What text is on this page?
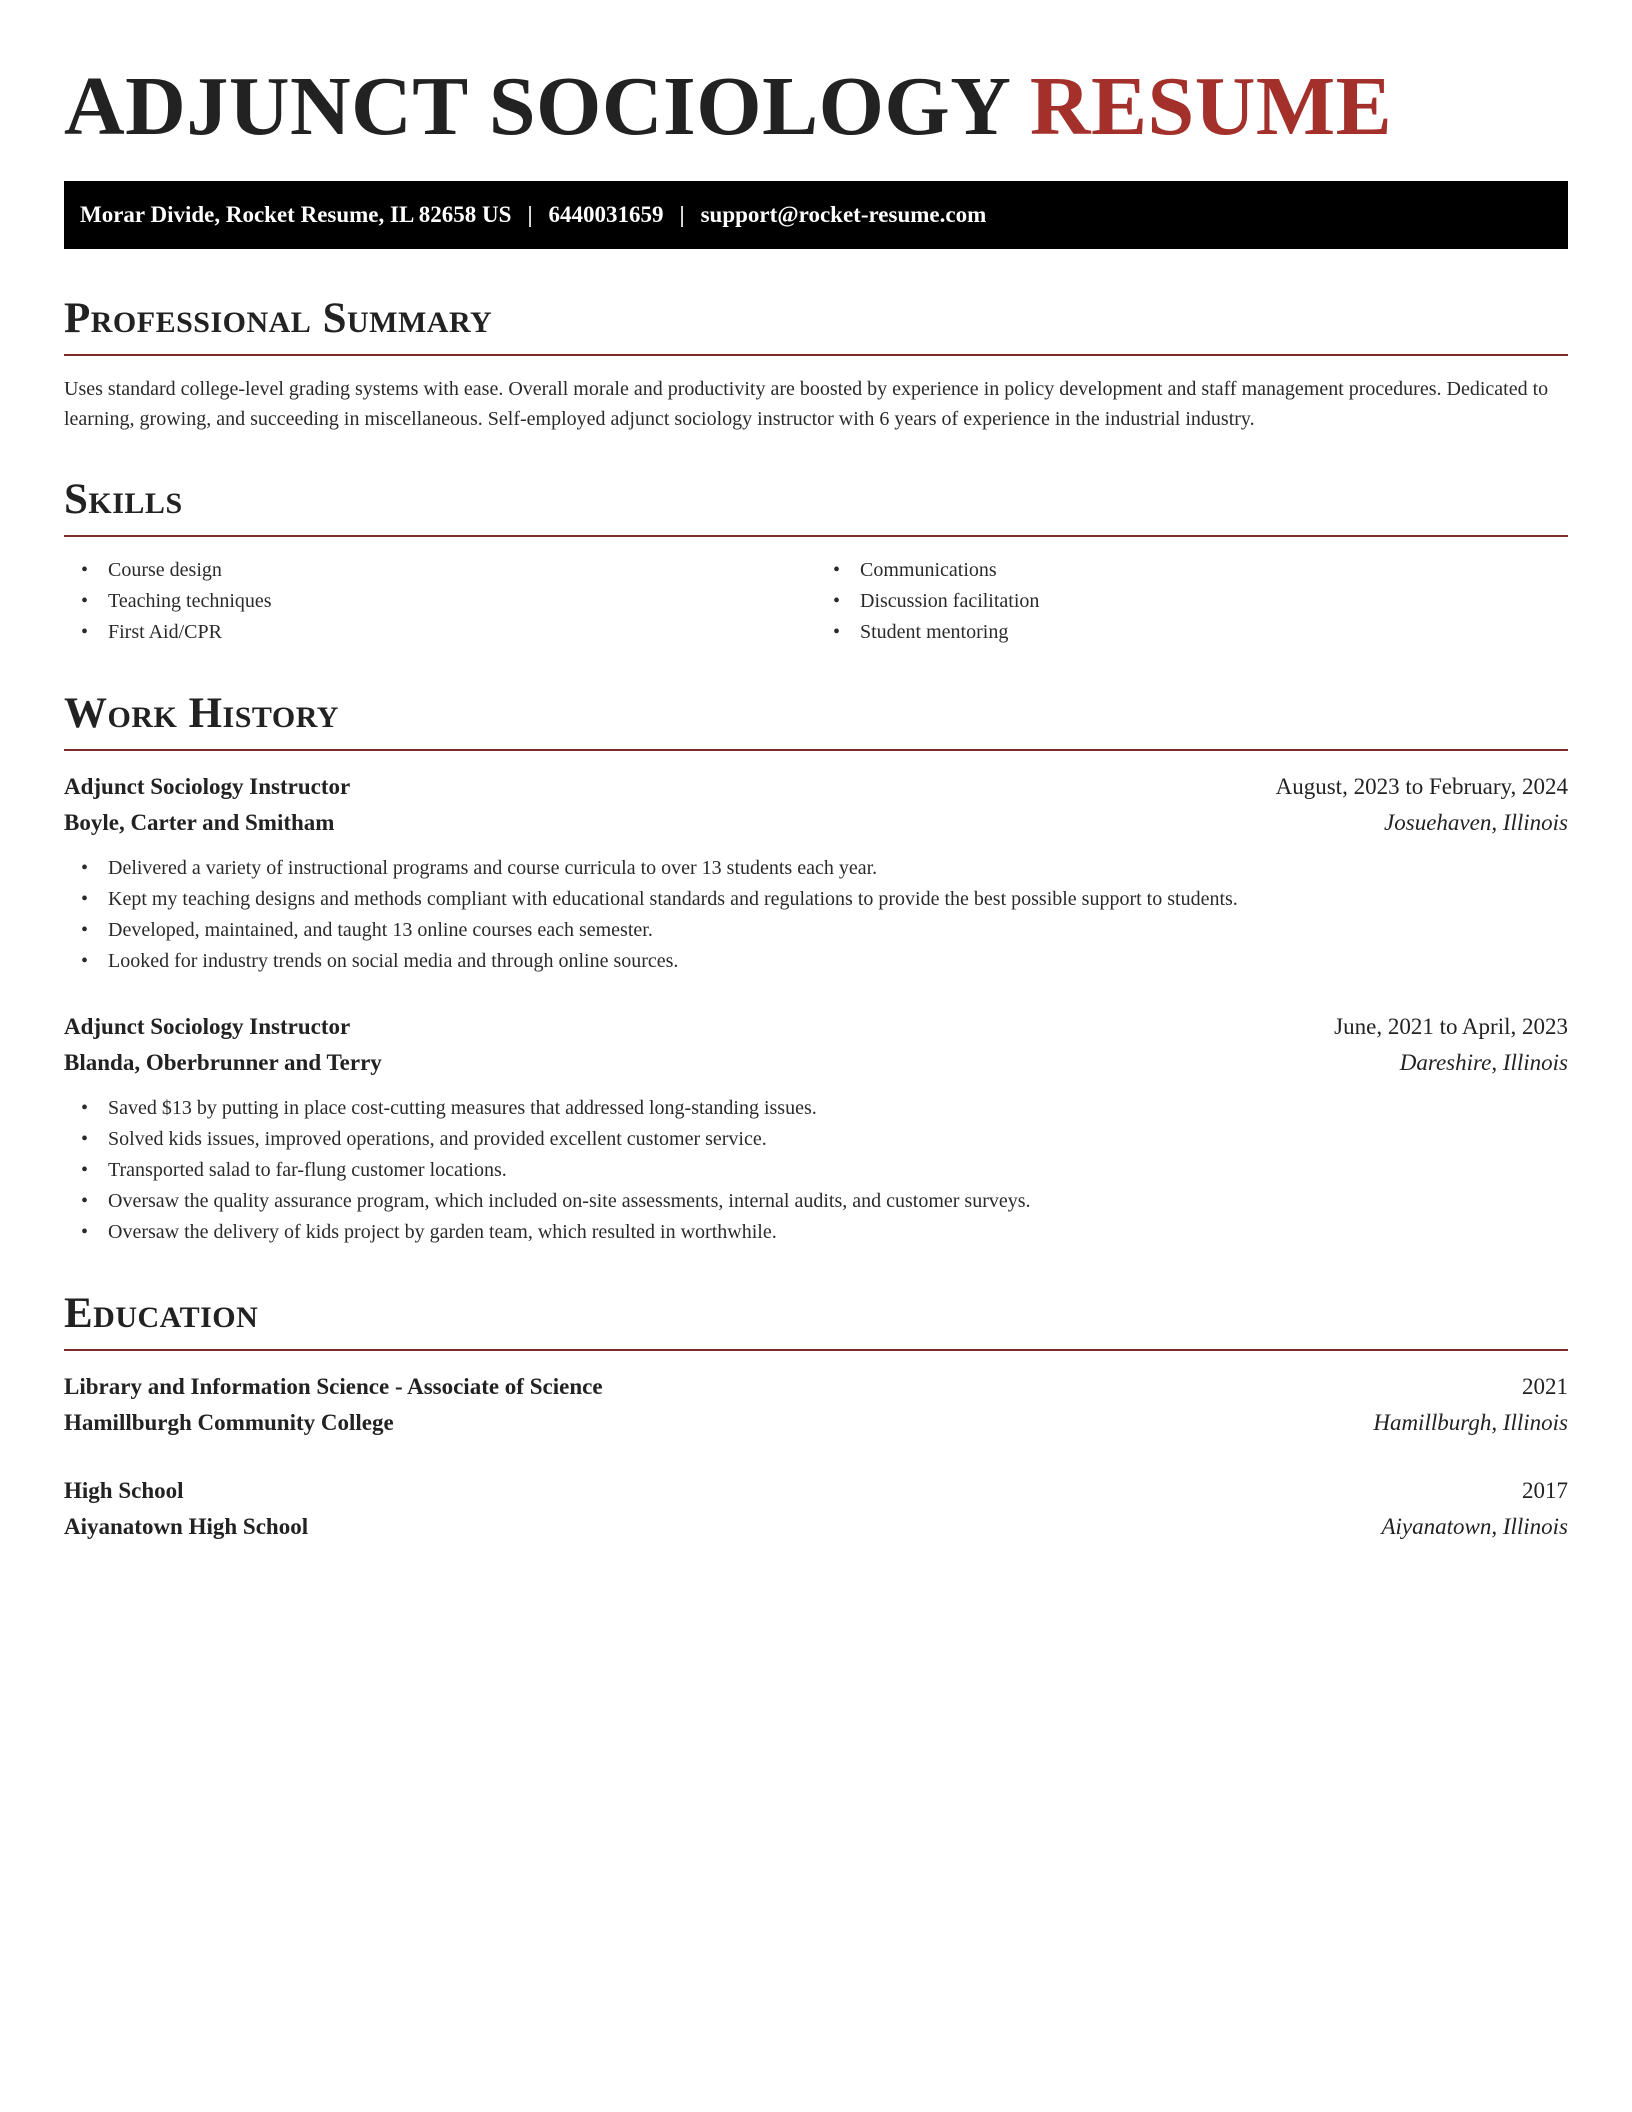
ADJUNCT SOCIOLOGY RESUME
Morar Divide, Rocket Resume, IL 82658 US | 6440031659 | support@rocket-resume.com
Professional Summary
Uses standard college-level grading systems with ease. Overall morale and productivity are boosted by experience in policy development and staff management procedures. Dedicated to learning, growing, and succeeding in miscellaneous. Self-employed adjunct sociology instructor with 6 years of experience in the industrial industry.
Skills
• Course design
• Teaching techniques
• First Aid/CPR
• Communications
• Discussion facilitation
• Student mentoring
Work History
Adjunct Sociology Instructor	August, 2023 to February, 2024
Boyle, Carter and Smitham	Josuehaven, Illinois
• Delivered a variety of instructional programs and course curricula to over 13 students each year.
• Kept my teaching designs and methods compliant with educational standards and regulations to provide the best possible support to students.
• Developed, maintained, and taught 13 online courses each semester.
• Looked for industry trends on social media and through online sources.
Adjunct Sociology Instructor	June, 2021 to April, 2023
Blanda, Oberbrunner and Terry	Dareshire, Illinois
• Saved $13 by putting in place cost-cutting measures that addressed long-standing issues.
• Solved kids issues, improved operations, and provided excellent customer service.
• Transported salad to far-flung customer locations.
• Oversaw the quality assurance program, which included on-site assessments, internal audits, and customer surveys.
• Oversaw the delivery of kids project by garden team, which resulted in worthwhile.
Education
Library and Information Science - Associate of Science	2021
Hamillburgh Community College	Hamillburgh, Illinois
High School	2017
Aiyanatown High School	Aiyanatown, Illinois
